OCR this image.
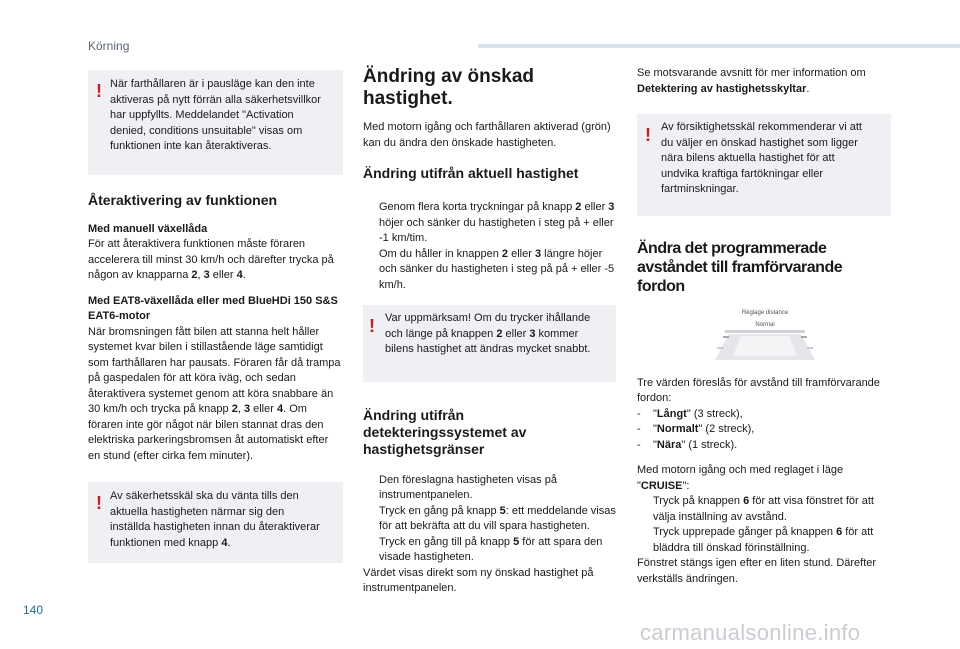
Körning
! När farthållaren är i pausläge kan den inte aktiveras på nytt förrän alla säkerhetsvillkor har uppfyllts. Meddelandet "Activation denied, conditions unsuitable" visas om funktionen inte kan återaktiveras.

Återaktivering av funktionen

Med manuell växellåda

För att återaktivera funktionen måste föraren accelerera till minst 30 km/h och därefter trycka på någon av knapparna 2, 3 eller 4.

Med EAT8-växellåda eller med BlueHDi 150 S&S EAT6-motor

När bromsningen fått bilen att stanna helt håller systemet kvar bilen i stillastående läge samtidigt som farthållaren har pausats. Föraren får då trampa på gaspedalen för att köra iväg, och sedan återaktivera systemet genom att köra snabbare än 30 km/h och trycka på knapp 2, 3 eller 4. Om föraren inte gör något när bilen stannat dras den elektriska parkeringsbromsen åt automatiskt efter en stund (efter cirka fem minuter).

! Av säkerhetsskäl ska du vänta tills den aktuella hastigheten närmar sig den inställda hastigheten innan du återaktiverar funktionen med knapp 4.

Ändring av önskad hastighet.

Med motorn igång och farthållaren aktiverad (grön) kan du ändra den önskade hastigheten.

Ändring utifrån aktuell hastighet
Genom flera korta tryckningar på knapp 2 eller 3 höjer och sänker du hastigheten i steg på + eller -1 km/tim.
Om du håller in knappen 2 eller 3 längre höjer och sänker du hastigheten i steg på på + eller -5 km/h.
! Var uppmärksam! Om du trycker ihållande och länge på knappen 2 eller 3 kommer bilens hastighet att ändras mycket snabbt.

Ändring utifrån detekteringssystemet av hastighetsgränser
Den föreslagna hastigheten visas på instrumentpanelen.
Tryck en gång på knapp 5: ett meddelande visas för att bekräfta att du vill spara hastigheten.
Tryck en gång till på knapp 5 för att spara den visade hastigheten.

Värdet visas direkt som ny önskad hastighet på instrumentpanelen.

Se motsvarande avsnitt för mer information om Detektering av hastighetsskyltar.

! Av försiktighetsskäl rekommenderar vi att du väljer en önskad hastighet som ligger nära bilens aktuella hastighet för att undvika kraftiga fartökningar eller fartminskningar.

Ändra det programmerade avståndet till framförvarande fordon
Réglage distance
Normal

Tre värden föreslås för avstånd till framförvarande fordon:

- "Långt" (3 streck),
- "Normalt" (2 streck),
- "Nära" (1 streck).

Med motorn igång och med reglaget i läge "CRUISE":

Tryck på knappen 6 för att visa fönstret för att välja inställning av avstånd.
Tryck upprepade gånger på knappen 6 för att bläddra till önskad förinställning.

Fönstret stängs igen efter en liten stund. Därefter verkställs ändringen.

140
carmanualsonline.info
